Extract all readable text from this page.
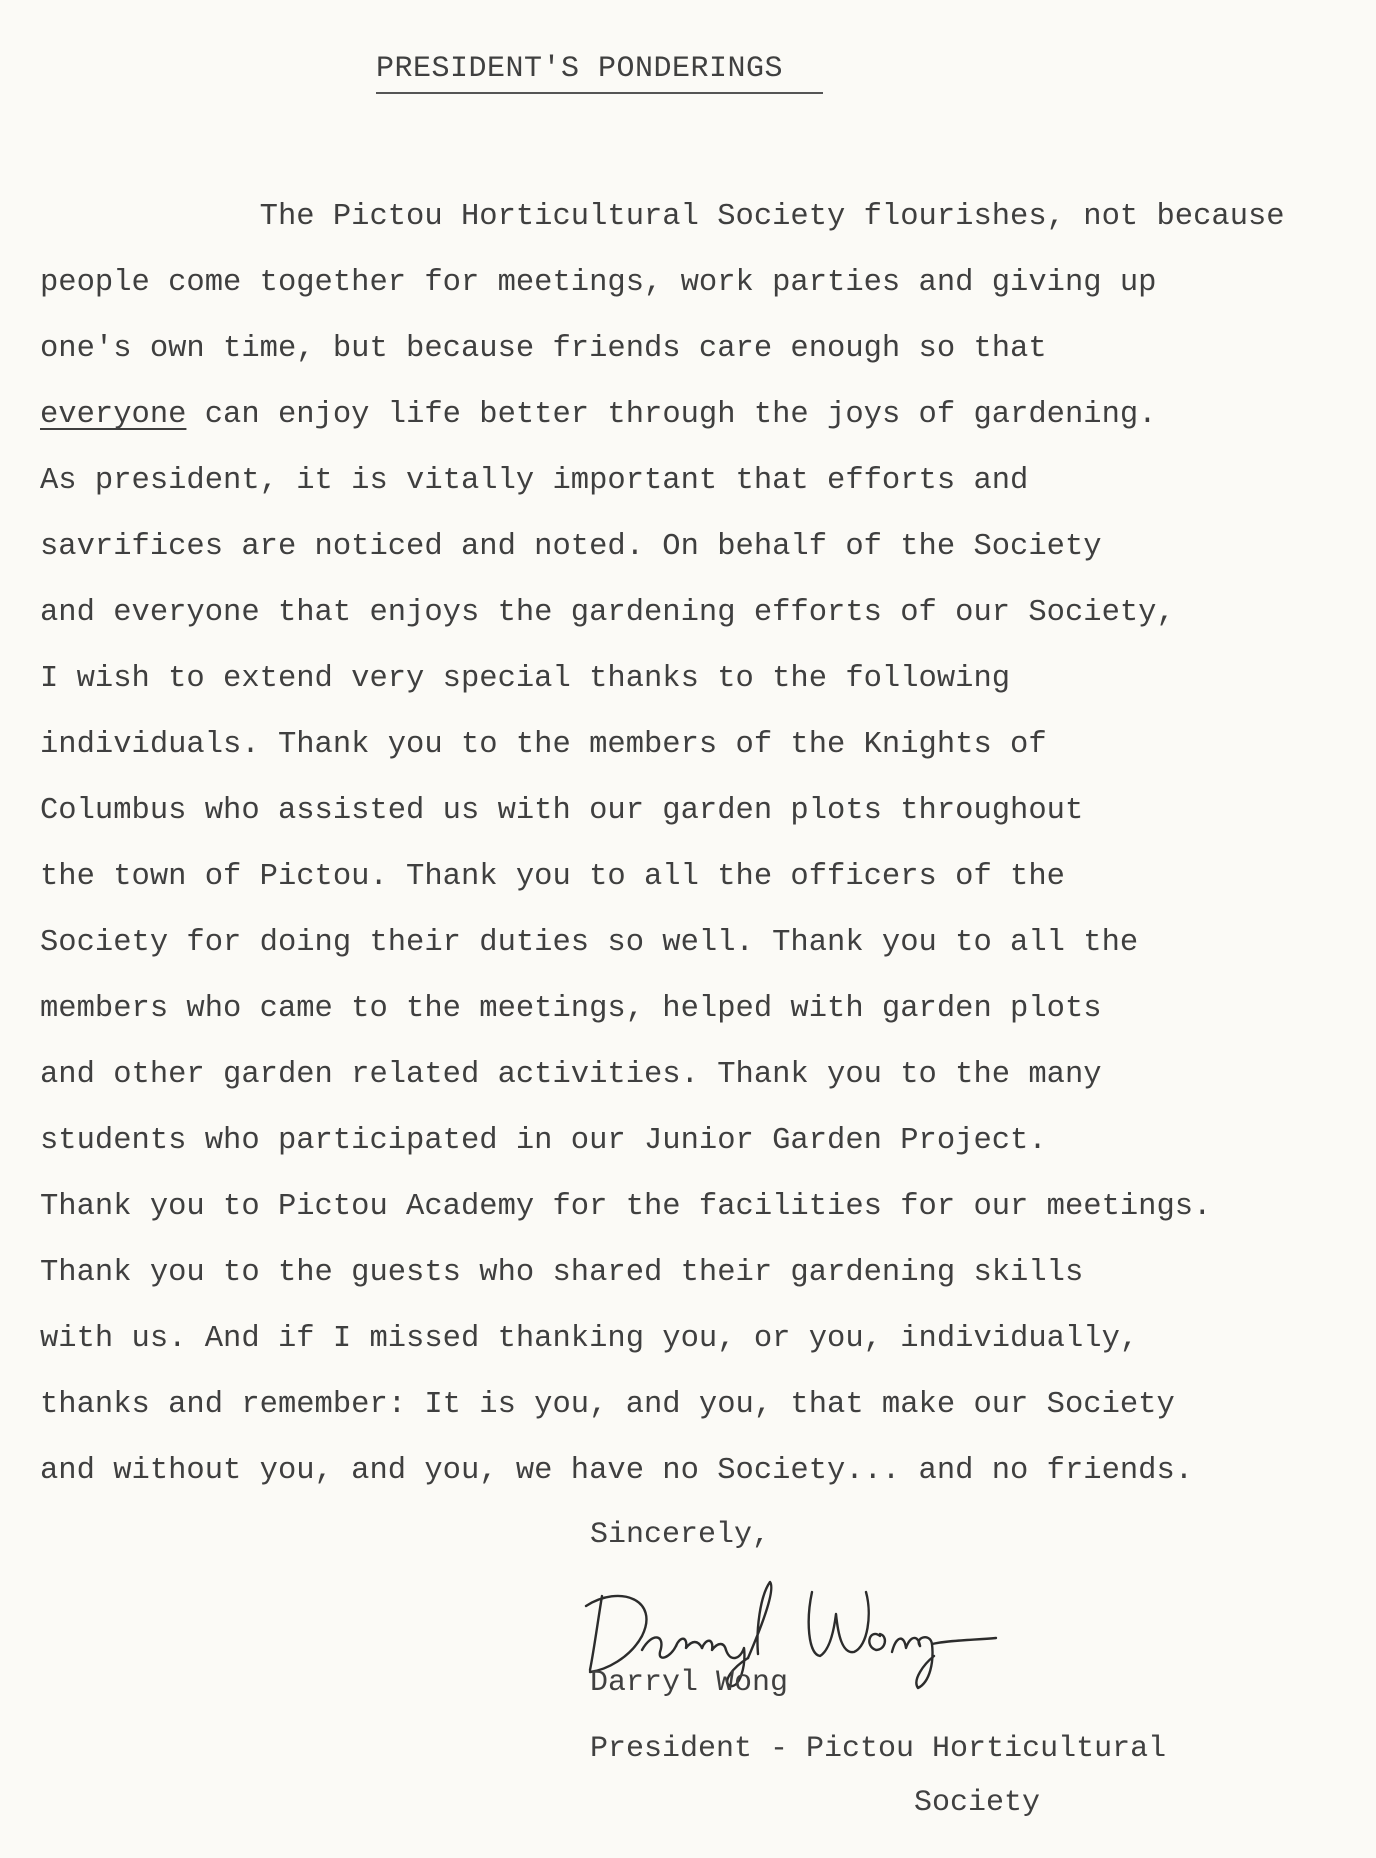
PRESIDENT'S PONDERINGS
The Pictou Horticultural Society flourishes, not because
people come together for meetings, work parties and giving up
one's own time, but because friends care enough so that
everyone can enjoy life better through the joys of gardening.
As president, it is vitally important that efforts and
savrifices are noticed and noted. On behalf of the Society
and everyone that enjoys the gardening efforts of our Society,
I wish to extend very special thanks to the following
individuals. Thank you to the members of the Knights of
Columbus who assisted us with our garden plots throughout
the town of Pictou. Thank you to all the officers of the
Society for doing their duties so well. Thank you to all the
members who came to the meetings, helped with garden plots
and other garden related activities. Thank you to the many
students who participated in our Junior Garden Project.
Thank you to Pictou Academy for the facilities for our meetings.
Thank you to the guests who shared their gardening skills
with us. And if I missed thanking you, or you, individually,
thanks and remember: It is you, and you, that make our Society
and without you, and you, we have no Society... and no friends.
Sincerely,
Darryl Wong
President - Pictou Horticultural
Society
